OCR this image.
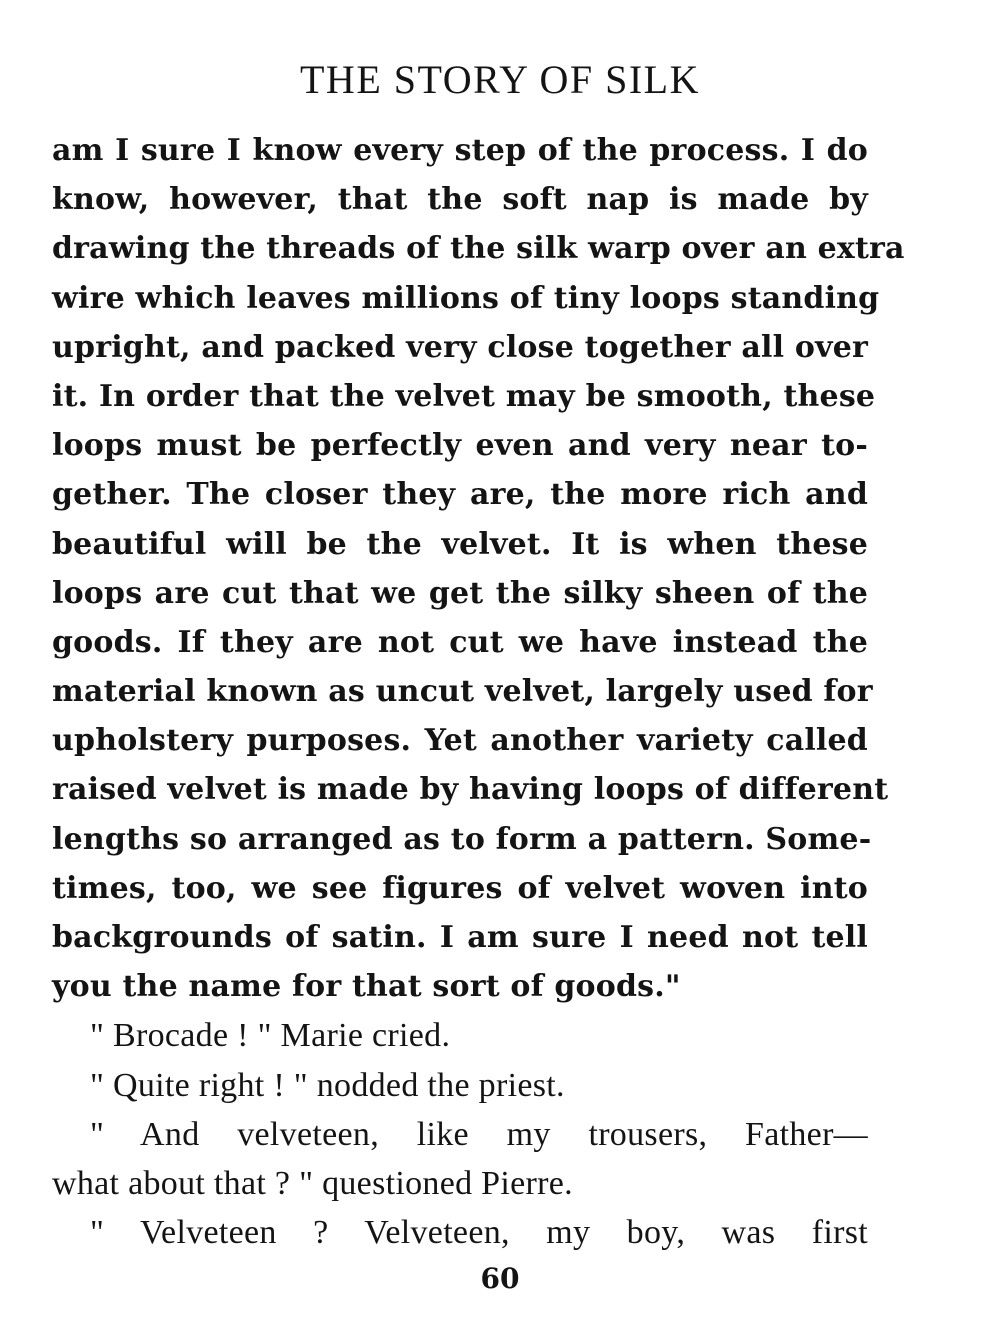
THE STORY OF SILK
am I sure I know every step of the process. I do
know, however, that the soft nap is made by
drawing the threads of the silk warp over an extra
wire which leaves millions of tiny loops standing
upright, and packed very close together all over
it. In order that the velvet may be smooth, these
loops must be perfectly even and very near to-
gether. The closer they are, the more rich and
beautiful will be the velvet. It is when these
loops are cut that we get the silky sheen of the
goods. If they are not cut we have instead the
material known as uncut velvet, largely used for
upholstery purposes. Yet another variety called
raised velvet is made by having loops of different
lengths so arranged as to form a pattern. Some-
times, too, we see figures of velvet woven into
backgrounds of satin. I am sure I need not tell
you the name for that sort of goods."
" Brocade ! " Marie cried.
" Quite right ! " nodded the priest.
" And velveteen, like my trousers, Father—
what about that ? " questioned Pierre.
" Velveteen ? Velveteen, my boy, was first
60
